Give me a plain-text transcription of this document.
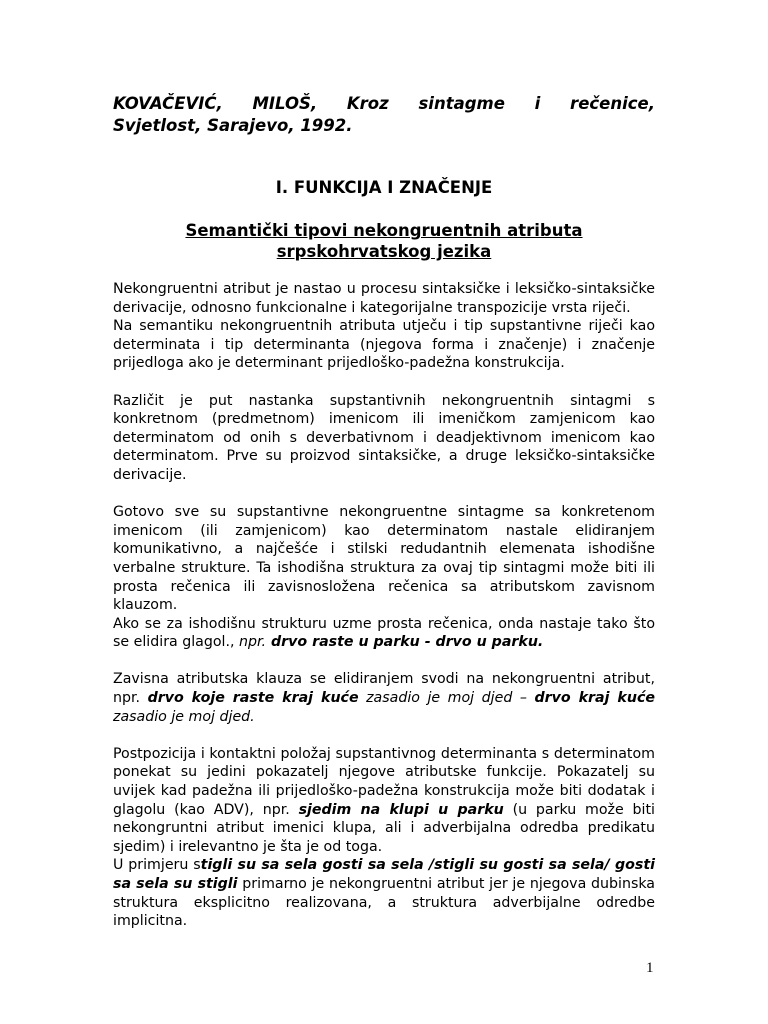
KOVAČEVIĆ, MILOŠ, Kroz sintagme i rečenice,
Svjetlost, Sarajevo, 1992.
I. FUNKCIJA I ZNAČENJE
Semantički tipovi nekongruentnih atributa
srpskohrvatskog jezika

Nekongruentni atribut je nastao u procesu sintaksičke i leksičko-sintaksičke derivacije, odnosno funkcionalne i kategorijalne transpozicije vrsta riječi.

Na semantiku nekongruentnih atributa utječu i tip supstantivne riječi kao determinata i tip determinanta (njegova forma i značenje) i značenje prijedloga ako je determinant prijedloško-padežna konstrukcija.

Različit je put nastanka supstantivnih nekongruentnih sintagmi s konkretnom (predmetnom) imenicom ili imeničkom zamjenicom kao determinatom od onih s deverbativnom i deadjektivnom imenicom kao determinatom. Prve su proizvod sintaksičke, a druge leksičko-sintaksičke derivacije.

Gotovo sve su supstantivne nekongruentne sintagme sa konkretenom imenicom (ili zamjenicom) kao determinatom nastale elidiranjem komunikativno, a najčešće i stilski redudantnih elemenata ishodišne verbalne strukture. Ta ishodišna struktura za ovaj tip sintagmi može biti ili prosta rečenica ili zavisnosložena rečenica sa atributskom zavisnom klauzom.

Ako se za ishodišnu strukturu uzme prosta rečenica, onda nastaje tako što se elidira glagol., npr. drvo raste u parku - drvo u parku.

Zavisna atributska klauza se elidiranjem svodi na nekongruentni atribut, npr. drvo koje raste kraj kuće zasadio je moj djed – drvo kraj kuće zasadio je moj djed.

Postpozicija i kontaktni položaj supstantivnog determinanta s determinatom ponekat su jedini pokazatelj njegove atributske funkcije. Pokazatelj su uvijek kad padežna ili prijedloško-padežna konstrukcija može biti dodatak i glagolu (kao ADV), npr. sjedim na klupi u parku (u parku može biti nekongruntni atribut imenici klupa, ali i adverbijalna odredba predikatu sjedim) i irelevantno je šta je od toga.

U primjeru stigli su sa sela gosti sa sela /stigli su gosti sa sela/ gosti sa sela su stigli primarno je nekongruentni atribut jer je njegova dubinska struktura eksplicitno realizovana, a struktura adverbijalne odredbe implicitna.

1
